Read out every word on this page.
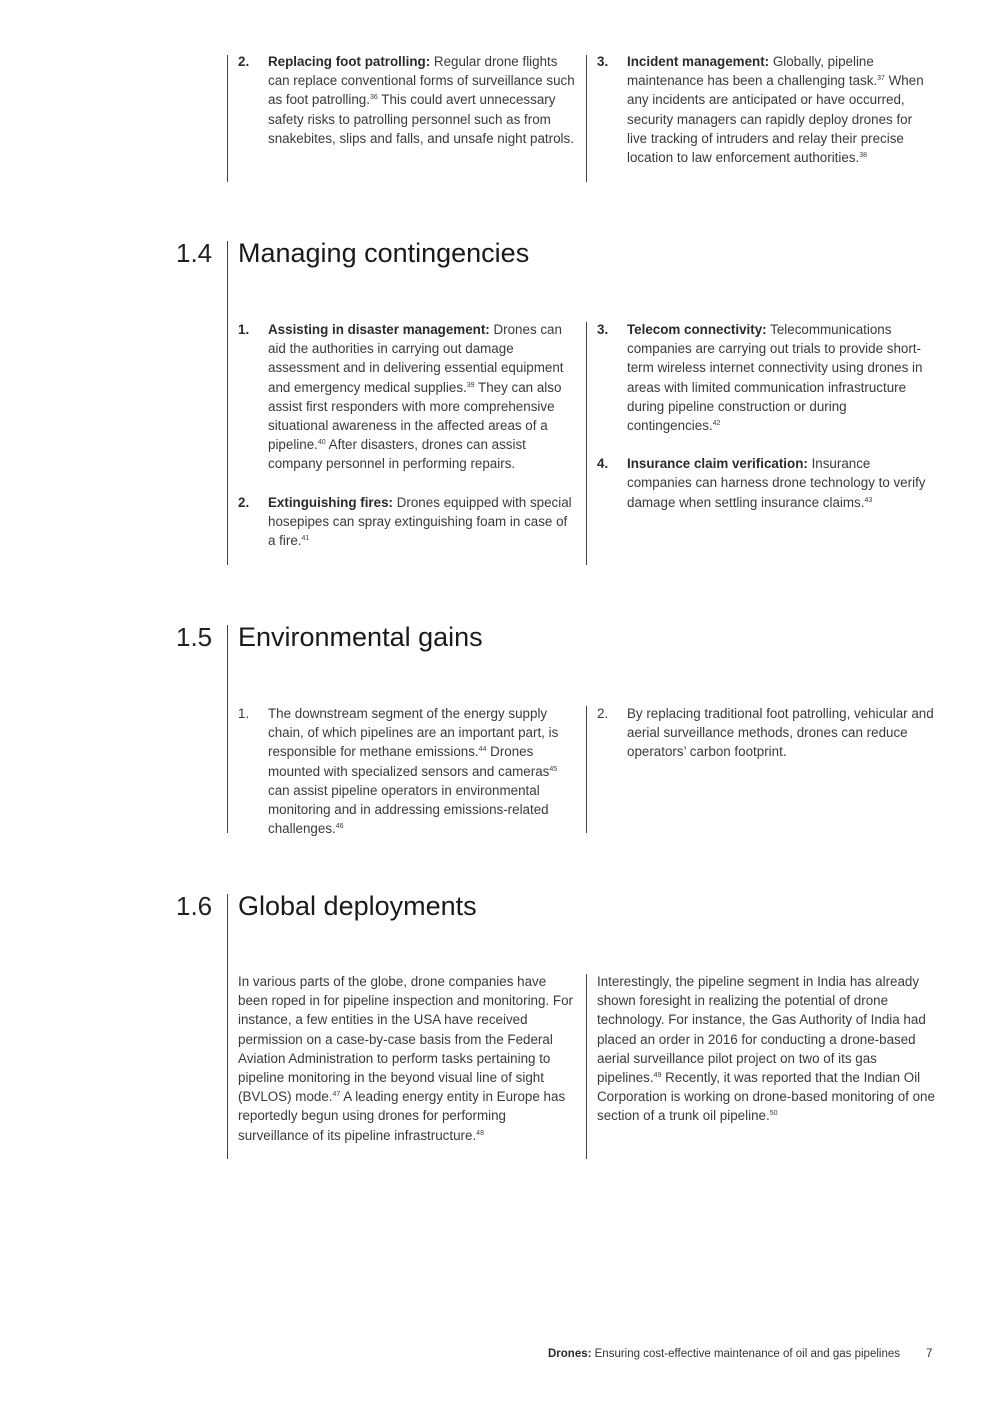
2.	Replacing foot patrolling: Regular drone flights can replace conventional forms of surveillance such as foot patrolling.$^{36}$ This could avert unnecessary safety risks to patrolling personnel such as from snakebites, slips and falls, and unsafe night patrols.
3.	Incident management: Globally, pipeline maintenance has been a challenging task.$^{37}$ When any incidents are anticipated or have occurred, security managers can rapidly deploy drones for live tracking of intruders and relay their precise location to law enforcement authorities.$^{38}$
1.4 Managing contingencies
1.	Assisting in disaster management: Drones can aid the authorities in carrying out damage assessment and in delivering essential equipment and emergency medical supplies.$^{39}$ They can also assist first responders with more comprehensive situational awareness in the affected areas of a pipeline.$^{40}$ After disasters, drones can assist company personnel in performing repairs.
2.	Extinguishing fires: Drones equipped with special hosepipes can spray extinguishing foam in case of a fire.$^{41}$
3.	Telecom connectivity: Telecommunications companies are carrying out trials to provide short-term wireless internet connectivity using drones in areas with limited communication infrastructure during pipeline construction or during contingencies.$^{42}$
4.	Insurance claim verification: Insurance companies can harness drone technology to verify damage when settling insurance claims.$^{43}$
1.5 Environmental gains
1.	The downstream segment of the energy supply chain, of which pipelines are an important part, is responsible for methane emissions.$^{44}$ Drones mounted with specialized sensors and cameras$^{45}$ can assist pipeline operators in environmental monitoring and in addressing emissions-related challenges.$^{46}$
2.	By replacing traditional foot patrolling, vehicular and aerial surveillance methods, drones can reduce operators’ carbon footprint.
1.6 Global deployments

In various parts of the globe, drone companies have been roped in for pipeline inspection and monitoring. For instance, a few entities in the USA have received permission on a case-by-case basis from the Federal Aviation Administration to perform tasks pertaining to pipeline monitoring in the beyond visual line of sight (BVLOS) mode.$^{47}$ A leading energy entity in Europe has reportedly begun using drones for performing surveillance of its pipeline infrastructure.$^{48}$

Interestingly, the pipeline segment in India has already shown foresight in realizing the potential of drone technology. For instance, the Gas Authority of India had placed an order in 2016 for conducting a drone-based aerial surveillance pilot project on two of its gas pipelines.$^{49}$ Recently, it was reported that the Indian Oil Corporation is working on drone-based monitoring of one section of a trunk oil pipeline.$^{50}$

Drones: Ensuring cost-effective maintenance of oil and gas pipelines 7
